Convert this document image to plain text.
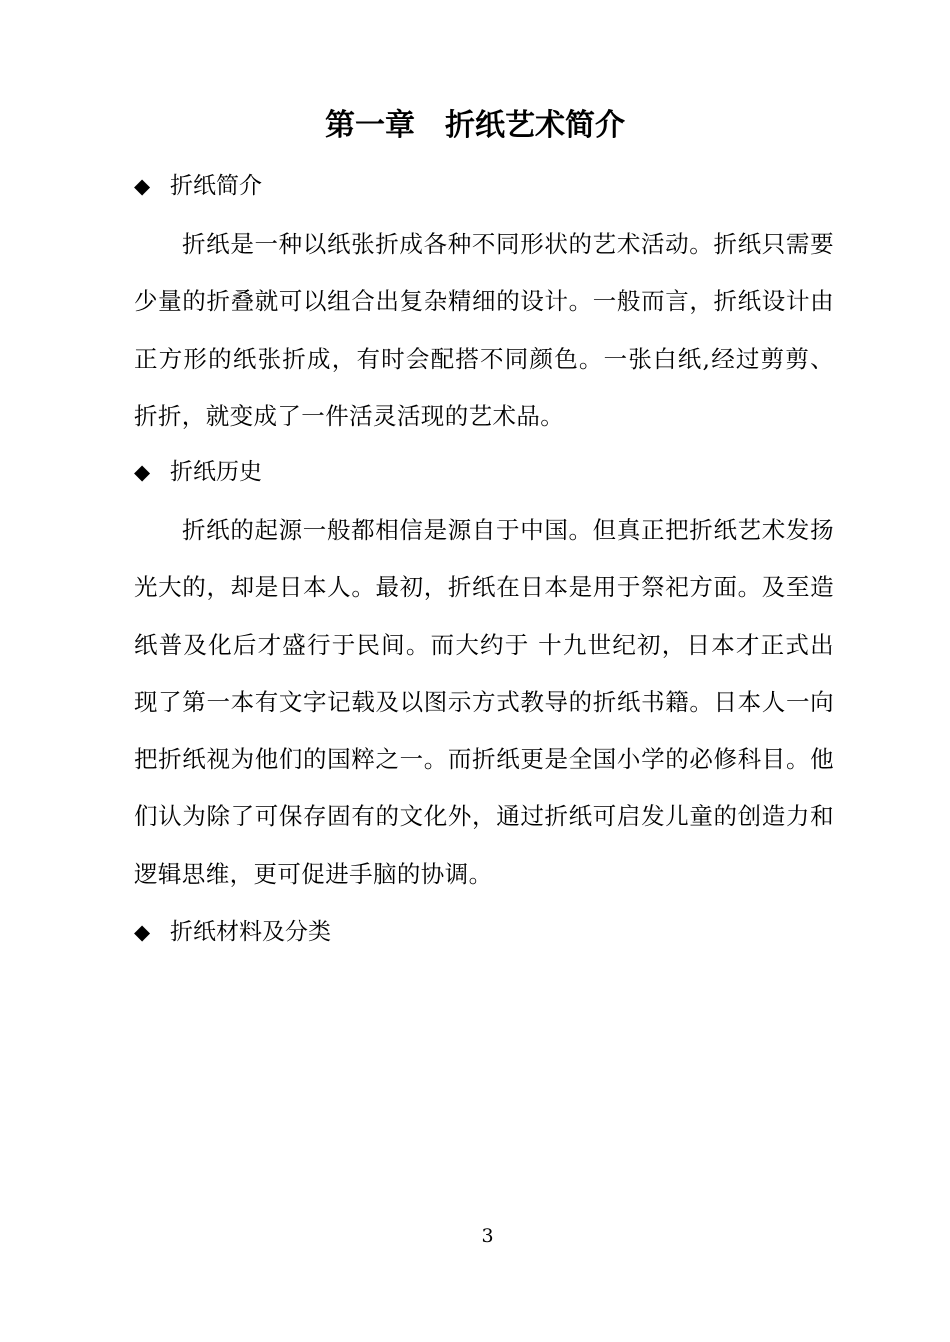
第一章　折纸艺术简介
◆ 折纸简介

折纸是一种以纸张折成各种不同形状的艺术活动。折纸只需要少量的折叠就可以组合出复杂精细的设计。一般而言，折纸设计由正方形的纸张折成，有时会配搭不同颜色。一张白纸,经过剪剪、折折，就变成了一件活灵活现的艺术品。

◆ 折纸历史

折纸的起源一般都相信是源自于中国。但真正把折纸艺术发扬光大的，却是日本人。最初，折纸在日本是用于祭祀方面。及至造纸普及化后才盛行于民间。而大约于 十九世纪初，日本才正式出现了第一本有文字记载及以图示方式教导的折纸书籍。日本人一向把折纸视为他们的国粹之一。而折纸更是全国小学的必修科目。他们认为除了可保存固有的文化外，通过折纸可启发儿童的创造力和逻辑思维，更可促进手脑的协调。

◆ 折纸材料及分类
3
